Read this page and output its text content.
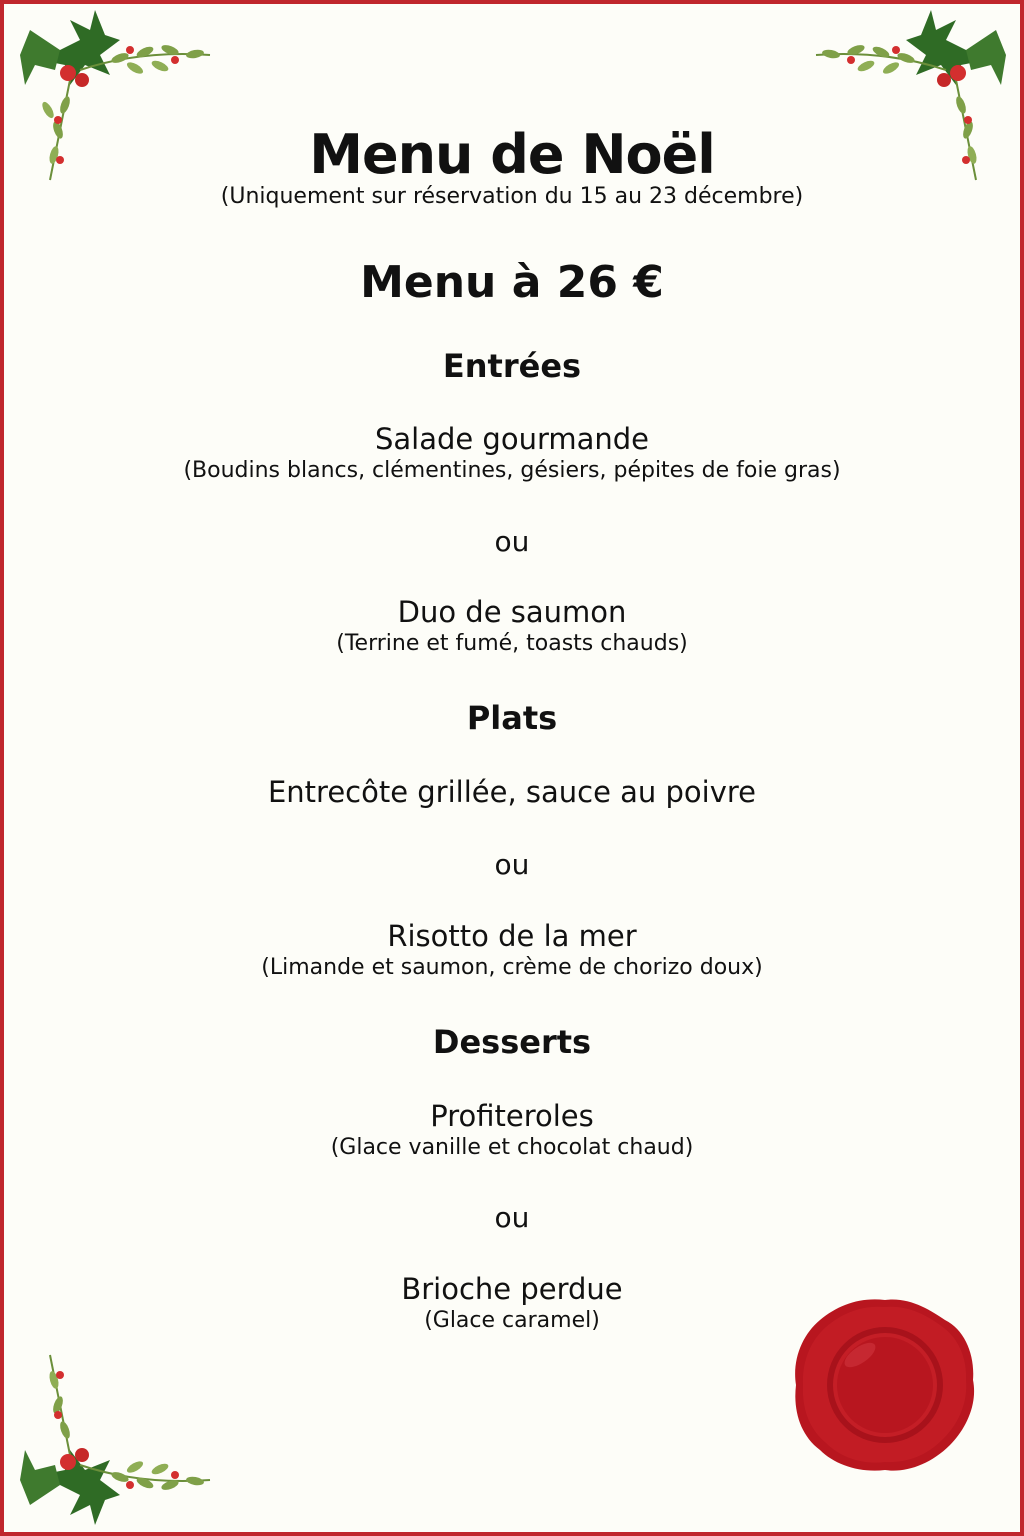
Menu de Noël
(Uniquement sur réservation du 15 au 23 décembre)
Menu à 26 €
Entrées
Salade gourmande
(Boudins blancs, clémentines, gésiers, pépites de foie gras)
ou
Duo de saumon
(Terrine et fumé, toasts chauds)
Plats
Entrecôte grillée, sauce au poivre
ou
Risotto de la mer
(Limande et saumon, crème de chorizo doux)
Desserts
Profiteroles
(Glace vanille et chocolat chaud)
ou
Brioche perdue
(Glace caramel)
